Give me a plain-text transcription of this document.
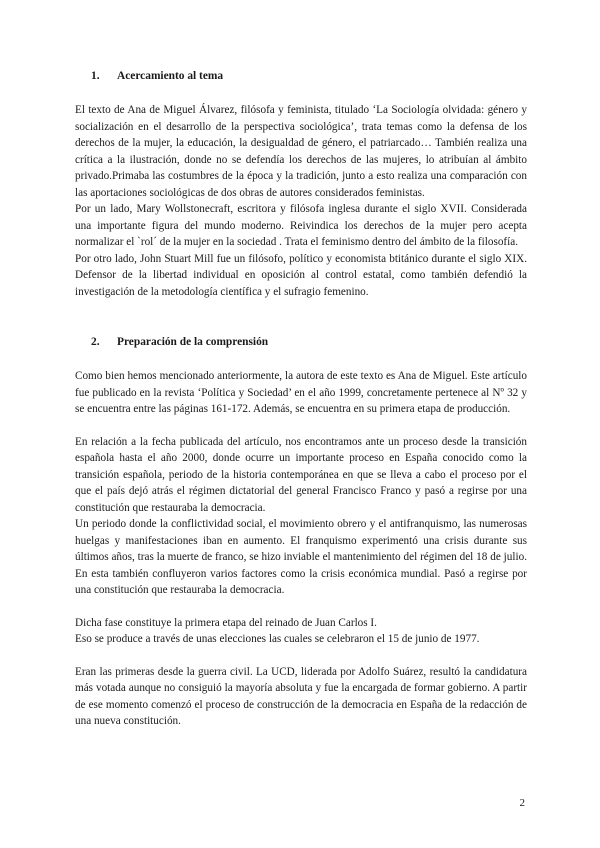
1. Acercamiento al tema

El texto de Ana de Miguel Álvarez, filósofa y feminista, titulado ‘La Sociología olvidada: género y socialización en el desarrollo de la perspectiva sociológica’, trata temas como la defensa de los derechos de la mujer, la educación, la desigualdad de género, el patriarcado… También realiza una crítica a la ilustración, donde no se defendía los derechos de las mujeres, lo atribuían al ámbito privado.Primaba las costumbres de la época y la tradición, junto a esto realiza una comparación con las aportaciones sociológicas de dos obras de autores considerados feministas.

Por un lado, Mary Wollstonecraft, escritora y filósofa inglesa durante el siglo XVII. Considerada una importante figura del mundo moderno. Reivindica los derechos de la mujer pero acepta normalizar el `rol´ de la mujer en la sociedad . Trata el feminismo dentro del ámbito de la filosofía.

Por otro lado, John Stuart Mill fue un filósofo, político y economista btitánico durante el siglo XIX. Defensor de la libertad individual en oposición al control estatal, como también defendió la investigación de la metodología científica y el sufragio femenino.

2. Preparación de la comprensión

Como bien hemos mencionado anteriormente, la autora de este texto es Ana de Miguel. Este artículo fue publicado en la revista ‘Política y Sociedad’ en el año 1999, concretamente pertenece al Nº 32 y se encuentra entre las páginas 161-172. Además, se encuentra en su primera etapa de producción.

En relación a la fecha publicada del artículo, nos encontramos ante un proceso desde la transición española hasta el año 2000, donde ocurre un importante proceso en España conocido como la transición española, periodo de la historia contemporánea en que se lleva a cabo el proceso por el que el país dejó atrás el régimen dictatorial del general Francisco Franco y pasó a regirse por una constitución que restauraba la democracia.

Un periodo donde la conflictividad social, el movimiento obrero y el antifranquismo, las numerosas huelgas y manifestaciones iban en aumento. El franquismo experimentó una crisis durante sus últimos años, tras la muerte de franco, se hizo inviable el mantenimiento del régimen del 18 de julio. En esta también confluyeron varios factores como la crisis económica mundial. Pasó a regirse por una constitución que restauraba la democracia.

Dicha fase constituye la primera etapa del reinado de Juan Carlos I.

Eso se produce a través de unas elecciones las cuales se celebraron el 15 de junio de 1977.

Eran las primeras desde la guerra civil. La UCD, liderada por Adolfo Suárez, resultó la candidatura más votada aunque no consiguió la mayoría absoluta y fue la encargada de formar gobierno. A partir de ese momento comenzó el proceso de construcción de la democracia en España de la redacción de una nueva constitución.

2
